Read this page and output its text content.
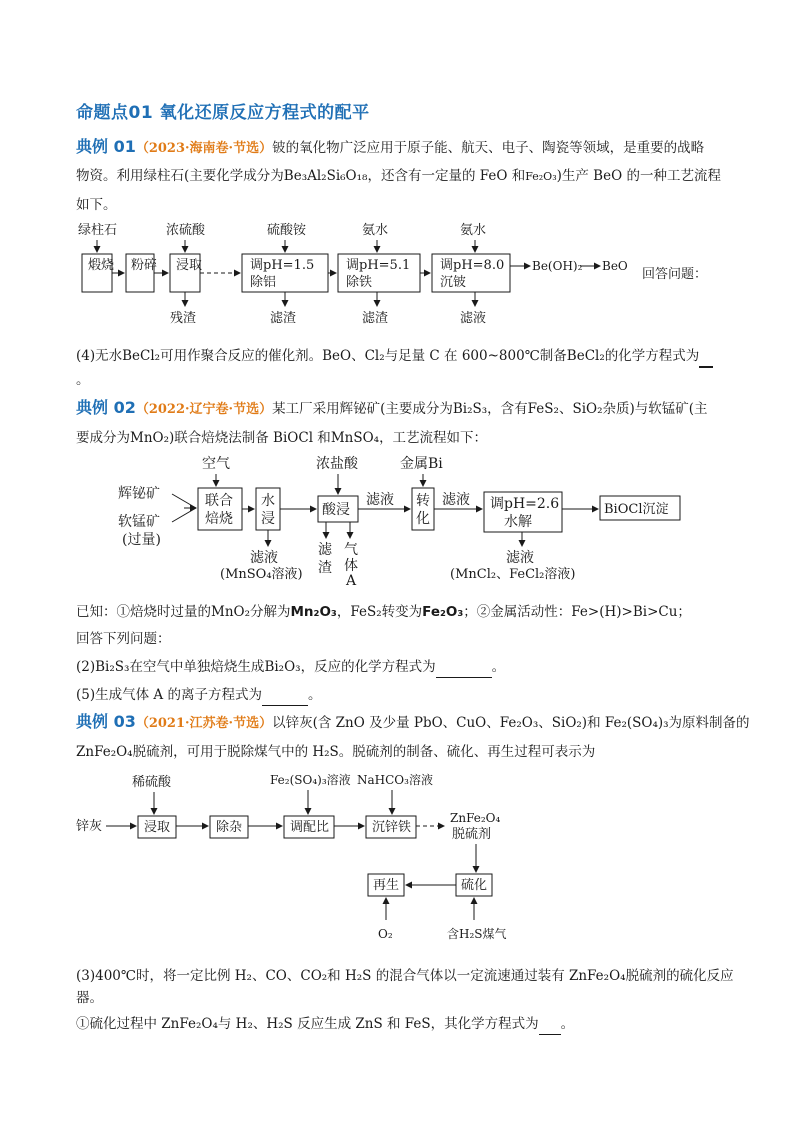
命题点01 氧化还原反应方程式的配平
典例 01（2023·海南卷·节选）铍的氧化物广泛应用于原子能、航天、电子、陶瓷等领域，是重要的战略
物资。利用绿柱石(主要化学成分为Be₃Al₂Si₆O₁₈，还含有一定量的 FeO 和Fe₂O₃)生产 BeO 的一种工艺流程
如下。
绿柱石	浓硫酸	硫酸铵	氨水	氨水
煅烧 粉碎 浸取	调pH=1.5
除铝
调pH=5.1
除铁
调pH=8.0
沉铍
Be(OH)₂ BeO
回答问题：
残渣	滤渣	滤渣	滤液
(4)无水BeCl₂可用作聚合反应的催化剂。BeO、Cl₂与足量 C 在 600~800℃制备BeCl₂的化学方程式为
。
典例 02（2022·辽宁卷·节选）某工厂采用辉铋矿(主要成分为Bi₂S₃，含有FeS₂、SiO₂杂质)与软锰矿(主
要成分为MnO₂)联合焙烧法制备 BiOCl 和MnSO₄，工艺流程如下：
辉铋矿
软锰矿
(过量)
空气
联合
焙烧
水
浸
浓盐酸
酸浸
滤液
金属Bi
转
化
滤液 调pH=2.6
水解
BiOCl沉淀
滤液
(MnSO₄溶液)
滤
渣
气
体
A
滤液
(MnCl₂、FeCl₂溶液)
已知：①焙烧时过量的MnO₂分解为Mn₂O₃，FeS₂转变为Fe₂O₃；②金属活动性：Fe>(H)>Bi>Cu；
回答下列问题：
(2)Bi₂S₃在空气中单独焙烧生成Bi₂O₃，反应的化学方程式为	。
(5)生成气体 A 的离子方程式为	。
典例 03（2021·江苏卷·节选）以锌灰(含 ZnO 及少量 PbO、CuO、Fe₂O₃、SiO₂)和 Fe₂(SO₄)₃为原料制备的
ZnFe₂O₄脱硫剂，可用于脱除煤气中的 H₂S。脱硫剂的制备、硫化、再生过程可表示为
稀硫酸	Fe₂(SO₄)₃溶液 NaHCO₃溶液
锌灰	浸取	除杂	调配比	沉锌铁
ZnFe₂O₄
脱硫剂
再生	硫化
O₂	含H₂S煤气
(3)400℃时，将一定比例 H₂、CO、CO₂和 H₂S 的混合气体以一定流速通过装有 ZnFe₂O₄脱硫剂的硫化反应
器。
①硫化过程中 ZnFe₂O₄与 H₂、H₂S 反应生成 ZnS 和 FeS，其化学方程式为 。
